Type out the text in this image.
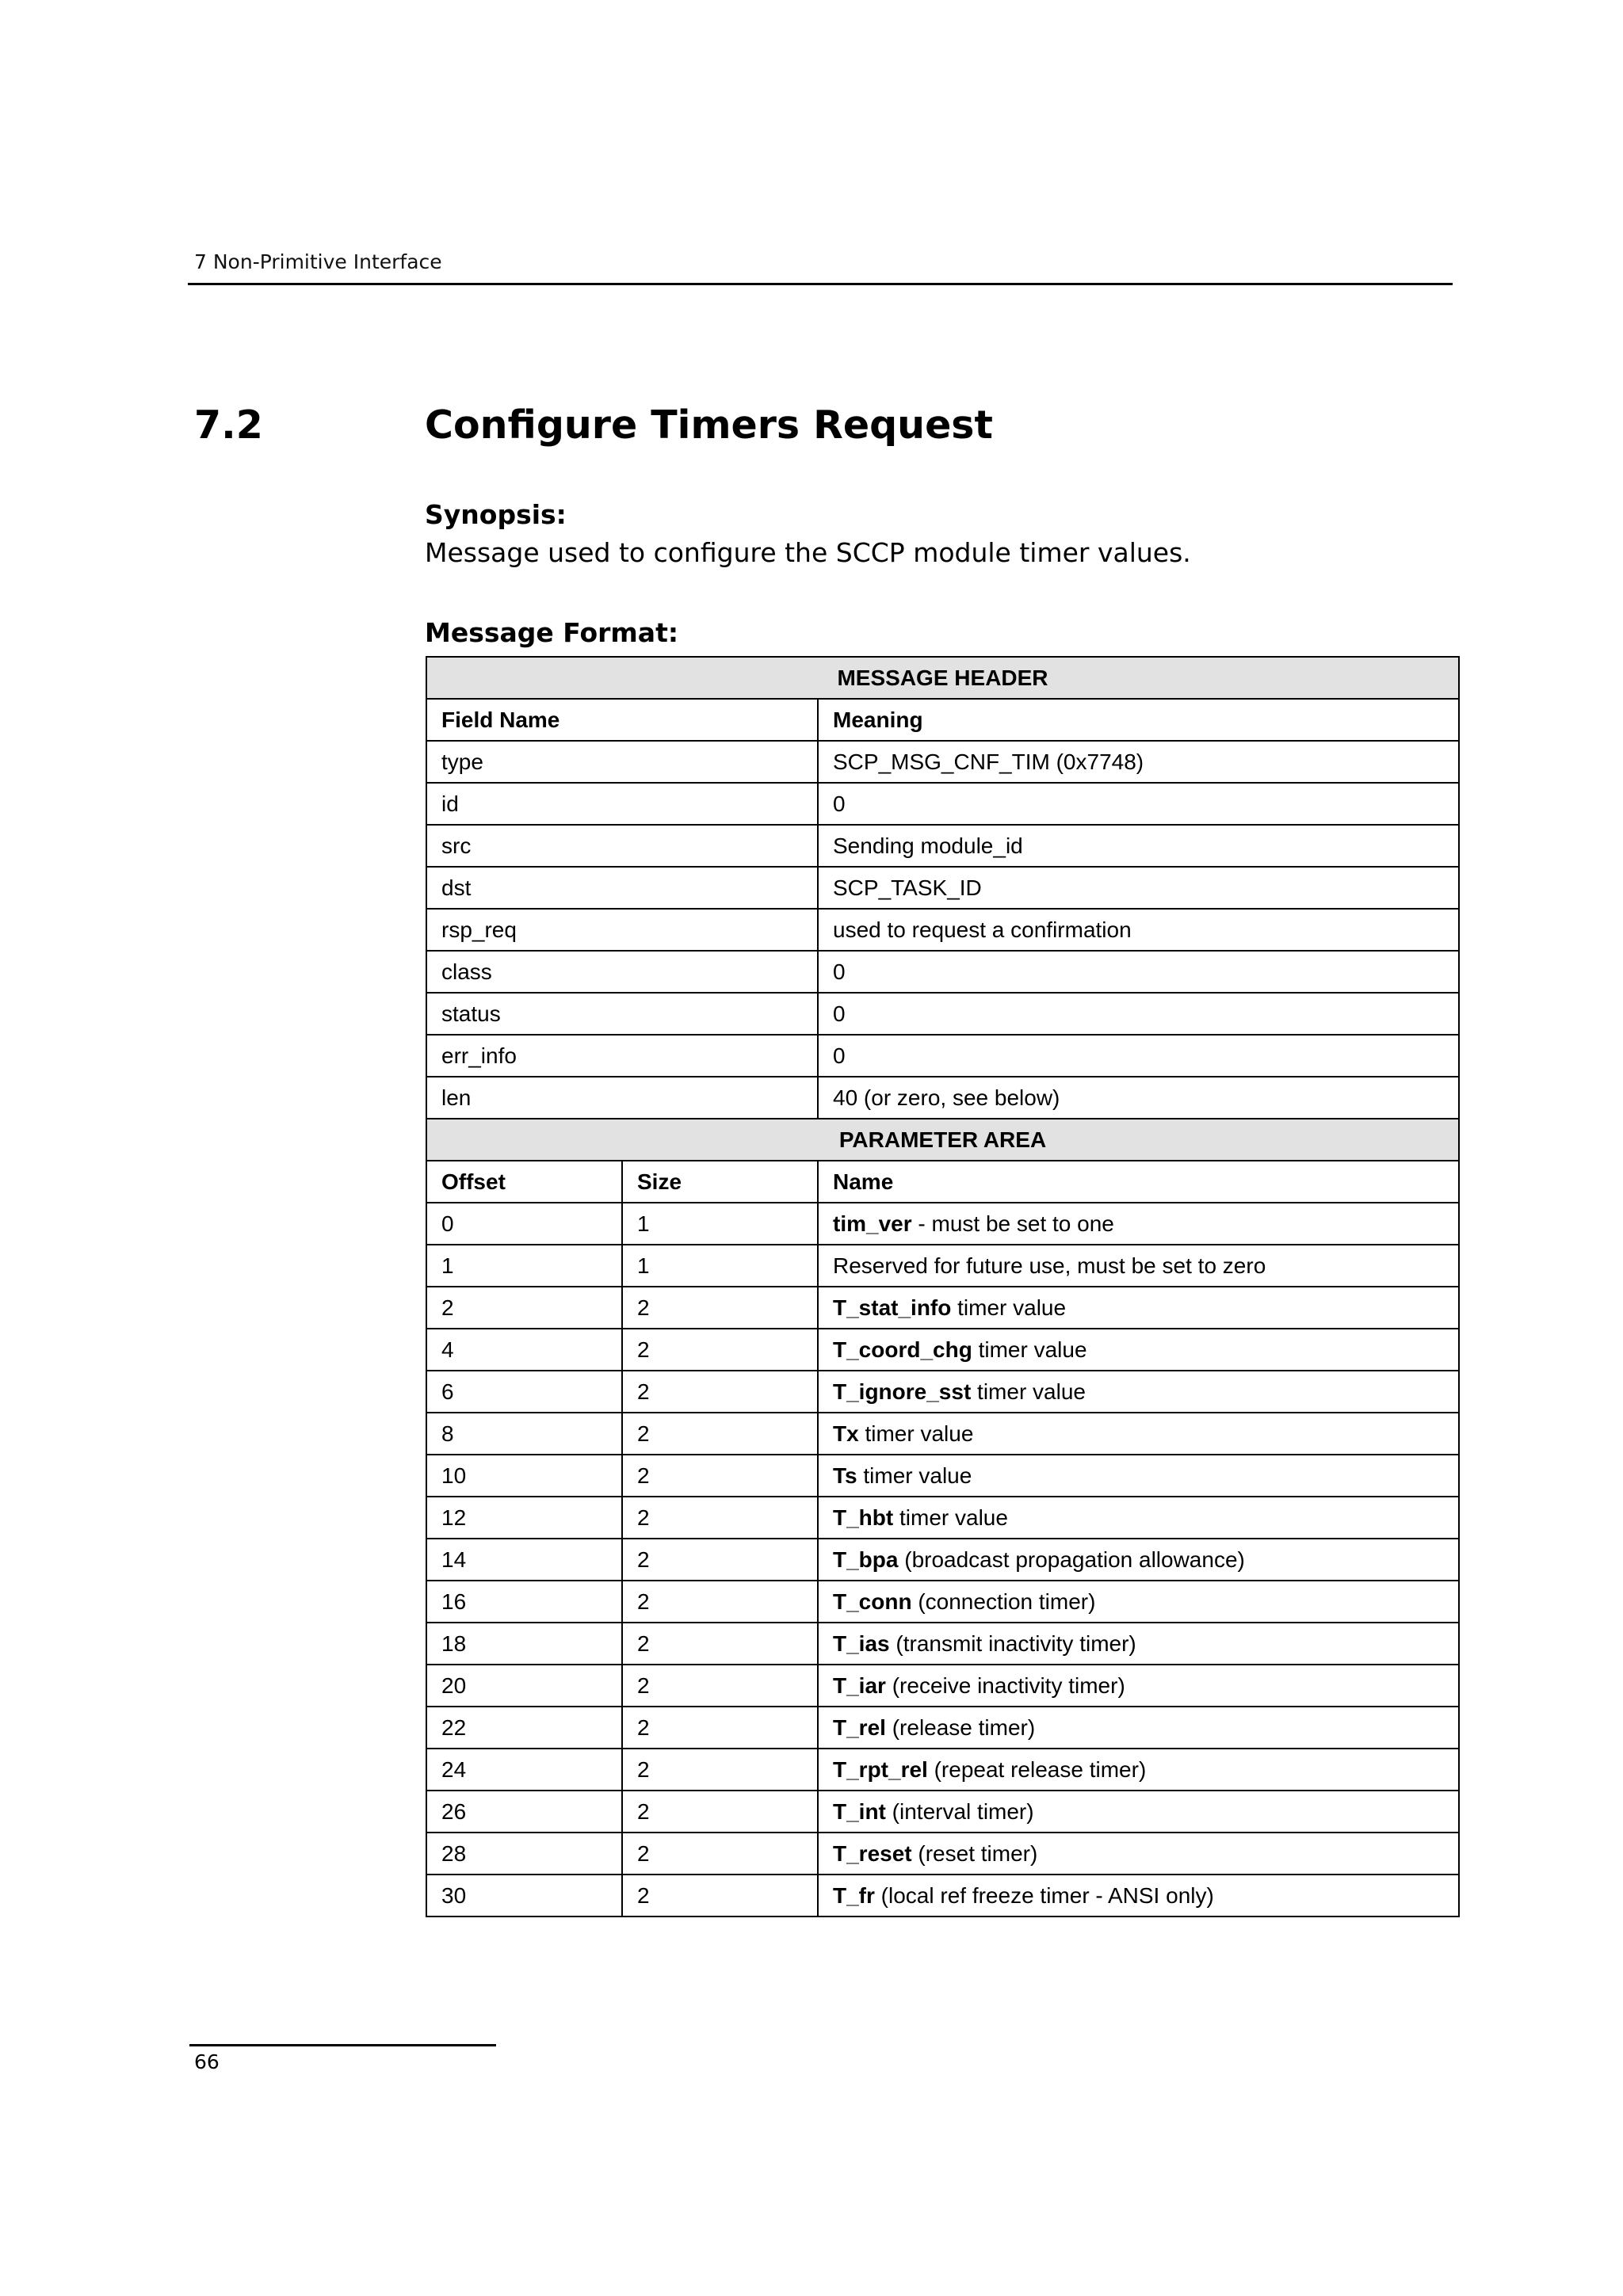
7 Non-Primitive Interface
7.2	Configure Timers Request
Synopsis:
Message used to configure the SCCP module timer values.
Message Format:
MESSAGE HEADER		
Field Name		Meaning
type		SCP_MSG_CNF_TIM (0x7748)
id		0
src		Sending module_id
dst		SCP_TASK_ID
rsp_req		used to request a confirmation
class		0
status		0
err_info		0
len		40 (or zero, see below)
PARAMETER AREA		
Offset	Size	Name
0	1	tim_ver - must be set to one
1	1	Reserved for future use, must be set to zero
2	2	T_stat_info timer value
4	2	T_coord_chg timer value
6	2	T_ignore_sst timer value
8	2	Tx timer value
10	2	Ts timer value
12	2	T_hbt timer value
14	2	T_bpa (broadcast propagation allowance)
16	2	T_conn (connection timer)
18	2	T_ias (transmit inactivity timer)
20	2	T_iar (receive inactivity timer)
22	2	T_rel (release timer)
24	2	T_rpt_rel (repeat release timer)
26	2	T_int (interval timer)
28	2	T_reset (reset timer)
30	2	T_fr (local ref freeze timer - ANSI only)
66
